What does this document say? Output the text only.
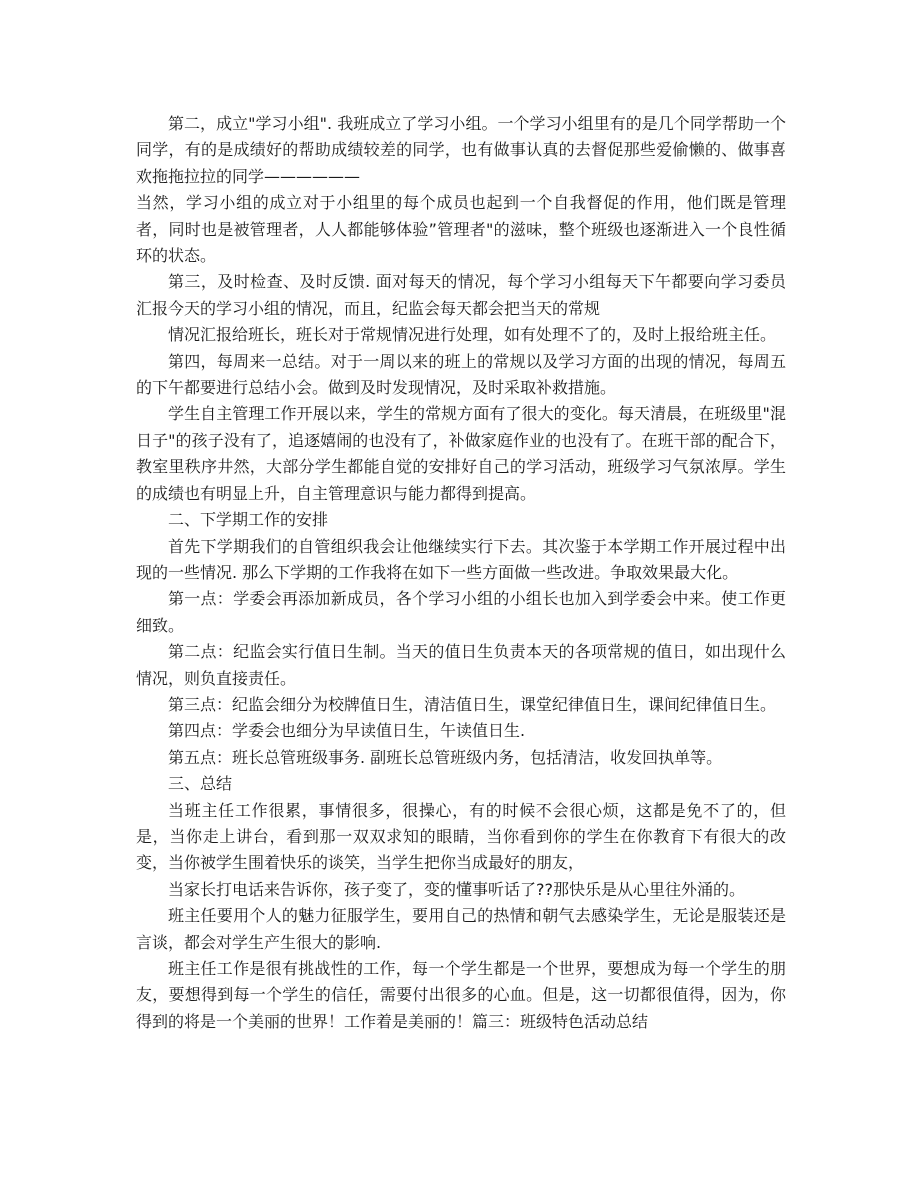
第二，成立"学习小组". 我班成立了学习小组。一个学习小组里有的是几个同学帮助一个同学，有的是成绩好的帮助成绩较差的同学，也有做事认真的去督促那些爱偷懒的、做事喜欢拖拖拉拉的同学——————

当然，学习小组的成立对于小组里的每个成员也起到一个自我督促的作用，他们既是管理者，同时也是被管理者，人人都能够体验”管理者"的滋味，整个班级也逐渐进入一个良性循环的状态。

第三，及时检查、及时反馈. 面对每天的情况，每个学习小组每天下午都要向学习委员汇报今天的学习小组的情况，而且，纪监会每天都会把当天的常规

情况汇报给班长，班长对于常规情况进行处理，如有处理不了的，及时上报给班主任。

第四，每周来一总结。对于一周以来的班上的常规以及学习方面的出现的情况，每周五的下午都要进行总结小会。做到及时发现情况，及时采取补救措施。

学生自主管理工作开展以来，学生的常规方面有了很大的变化。每天清晨，在班级里"混日子"的孩子没有了，追逐嬉闹的也没有了，补做家庭作业的也没有了。在班干部的配合下，教室里秩序井然，大部分学生都能自觉的安排好自己的学习活动，班级学习气氛浓厚。学生的成绩也有明显上升，自主管理意识与能力都得到提高。

二、下学期工作的安排

首先下学期我们的自管组织我会让他继续实行下去。其次鉴于本学期工作开展过程中出现的一些情况. 那么下学期的工作我将在如下一些方面做一些改进。争取效果最大化。

第一点：学委会再添加新成员，各个学习小组的小组长也加入到学委会中来。使工作更细致。

第二点：纪监会实行值日生制。当天的值日生负责本天的各项常规的值日，如出现什么情况，则负直接责任。

第三点：纪监会细分为校牌值日生，清洁值日生，课堂纪律值日生，课间纪律值日生。

第四点：学委会也细分为早读值日生，午读值日生.

第五点：班长总管班级事务. 副班长总管班级内务，包括清洁，收发回执单等。

三、总结

当班主任工作很累，事情很多，很操心，有的时候不会很心烦，这都是免不了的，但是，当你走上讲台，看到那一双双求知的眼睛，当你看到你的学生在你教育下有很大的改变，当你被学生围着快乐的谈笑，当学生把你当成最好的朋友，

当家长打电话来告诉你，孩子变了，变的懂事听话了??那快乐是从心里往外涌的。

班主任要用个人的魅力征服学生，要用自己的热情和朝气去感染学生，无论是服装还是言谈，都会对学生产生很大的影响.

班主任工作是很有挑战性的工作，每一个学生都是一个世界，要想成为每一个学生的朋友，要想得到每一个学生的信任，需要付出很多的心血。但是，这一切都很值得，因为，你得到的将是一个美丽的世界！工作着是美丽的！篇三：班级特色活动总结
